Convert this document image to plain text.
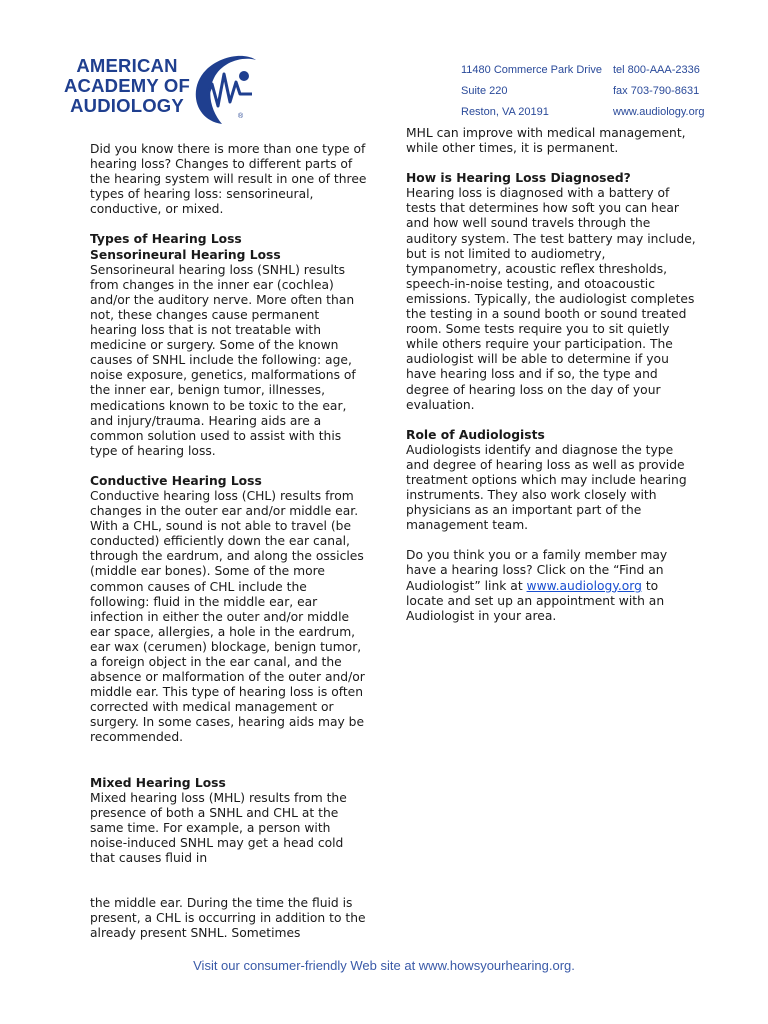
AMERICAN
ACADEMY OF
AUDIOLOGY
®
11480 Commerce Park Drive
Suite 220
Reston, VA 20191
tel 800-AAA-2336
fax 703-790-8631
www.audiology.org

Did you know there is more than one type of hearing loss? Changes to different parts of the hearing system will result in one of three types of hearing loss: sensorineural, conductive, or mixed.

Types of Hearing Loss

Sensorineural Hearing Loss

Sensorineural hearing loss (SNHL) results from changes in the inner ear (cochlea) and/or the auditory nerve. More often than not, these changes cause permanent hearing loss that is not treatable with medicine or surgery. Some of the known causes of SNHL include the following: age, noise exposure, genetics, malformations of the inner ear, benign tumor, illnesses, medications known to be toxic to the ear, and injury/trauma. Hearing aids are a common solution used to assist with this type of hearing loss.

Conductive Hearing Loss

Conductive hearing loss (CHL) results from changes in the outer ear and/or middle ear. With a CHL, sound is not able to travel (be conducted) efficiently down the ear canal, through the eardrum, and along the ossicles (middle ear bones). Some of the more common causes of CHL include the following: fluid in the middle ear, ear infection in either the outer and/or middle ear space, allergies, a hole in the eardrum, ear wax (cerumen) blockage, benign tumor, a foreign object in the ear canal, and the absence or malformation of the outer and/or middle ear. This type of hearing loss is often corrected with medical management or surgery. In some cases, hearing aids may be recommended.

Mixed Hearing Loss

Mixed hearing loss (MHL) results from the presence of both a SNHL and CHL at the same time. For example, a person with noise-induced SNHL may get a head cold that causes fluid in

the middle ear. During the time the fluid is present, a CHL is occurring in addition to the already present SNHL. Sometimes

MHL can improve with medical management, while other times, it is permanent.

How is Hearing Loss Diagnosed?

Hearing loss is diagnosed with a battery of tests that determines how soft you can hear and how well sound travels through the auditory system. The test battery may include, but is not limited to audiometry, tympanometry, acoustic reflex thresholds, speech-in-noise testing, and otoacoustic emissions. Typically, the audiologist completes the testing in a sound booth or sound treated room. Some tests require you to sit quietly while others require your participation. The audiologist will be able to determine if you have hearing loss and if so, the type and degree of hearing loss on the day of your evaluation.

Role of Audiologists

Audiologists identify and diagnose the type and degree of hearing loss as well as provide treatment options which may include hearing instruments. They also work closely with physicians as an important part of the management team.

Do you think you or a family member may have a hearing loss? Click on the “Find an Audiologist” link at www.audiology.org to locate and set up an appointment with an Audiologist in your area.

Visit our consumer-friendly Web site at www.howsyourhearing.org.
